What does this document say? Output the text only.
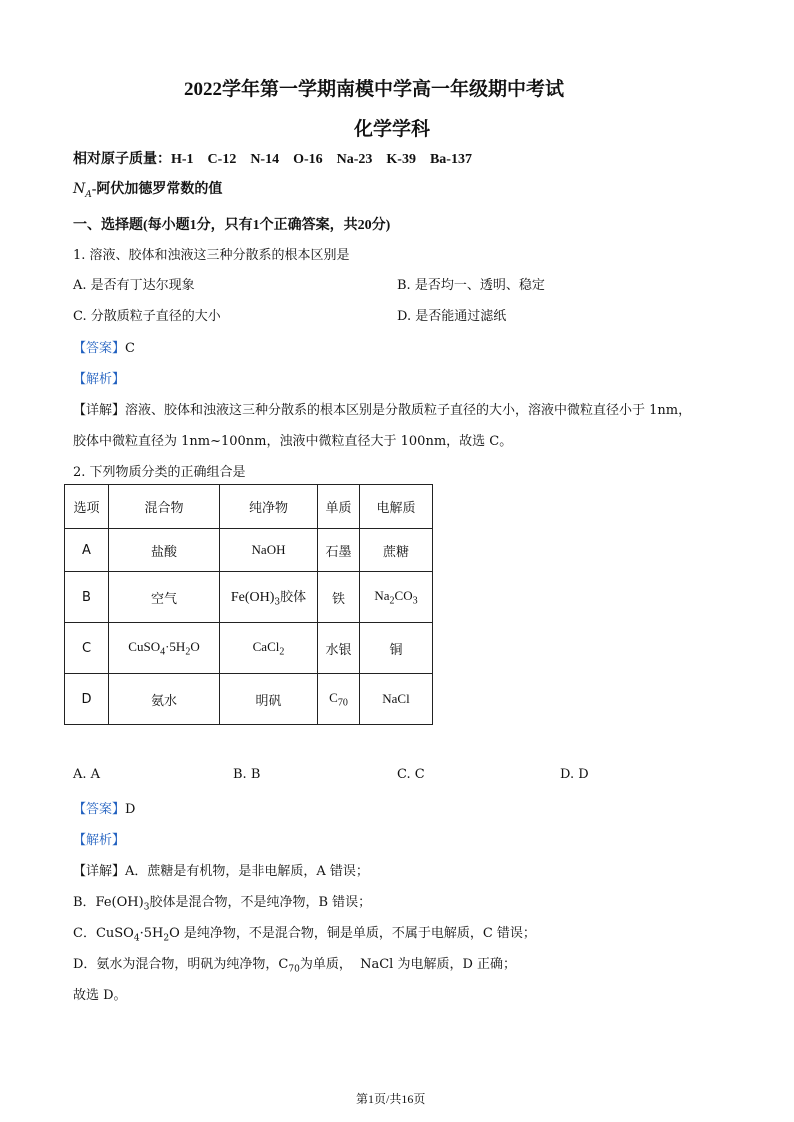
2022学年第一学期南模中学高一年级期中考试
化学学科
相对原子质量：H-1    C-12    N-14    O-16    Na-23    K-39    Ba-137
$N_A-$阿伏加德罗常数的值
一、选择题(每小题1分，只有1个正确答案，共20分)
1. 溶液、胶体和浊液这三种分散系的根本区别是
A. 是否有丁达尔现象	B. 是否均一、透明、稳定
C. 分散质粒子直径的大小	D. 是否能通过滤纸
【答案】C
【解析】
【详解】溶液、胶体和浊液这三种分散系的根本区别是分散质粒子直径的大小，溶液中微粒直径小于 1nm，
胶体中微粒直径为 1nm~100nm，浊液中微粒直径大于 100nm，故选 C。
2. 下列物质分类的正确组合是
选项	混合物	纯净物	单质	电解质
A	盐酸	NaOH	石墨	蔗糖
B	空气	$Fe(OH)_3$胶体	铁	$Na_2CO_3$
C	$CuSO_4\cdot 5H_2O$	CaCl$_2$	水银	铜
D	氨水	明矾	$C_{70}$	NaCl
A. A	B. B	C. C	D. D
【答案】D
【解析】
【详解】A．蔗糖是有机物，是非电解质，A 错误；
B．$Fe(OH)_3$胶体是混合物，不是纯净物，B 错误；
C．$CuSO_4\cdot 5H_2O$ 是纯净物，不是混合物，铜是单质，不属于电解质，C 错误；
D．氨水为混合物，明矾为纯净物，$C_{70}$为单质，  NaCl 为电解质，D 正确；
故选 D。
第1页/共16页
